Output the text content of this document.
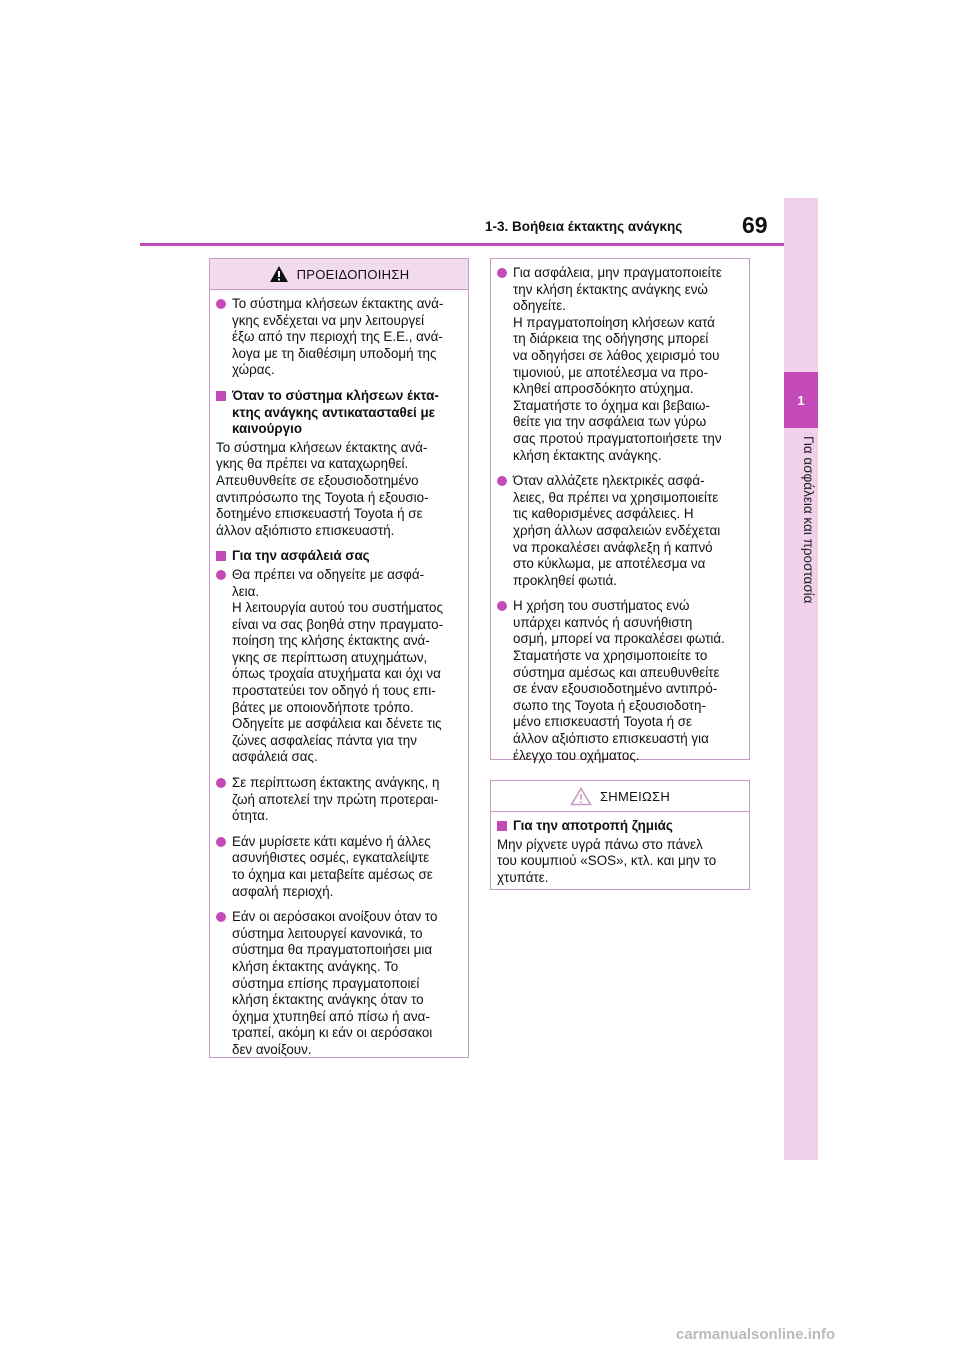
1-3. Βοήθεια έκτακτης ανάγκης	69
1
Για ασφάλεια και προστασία
ΠΡΟΕΙΔΟΠΟΙΗΣΗ
Το σύστημα κλήσεων έκτακτης ανά-
γκης ενδέχεται να μην λειτουργεί
έξω από την περιοχή της Ε.Ε., ανά-
λογα με τη διαθέσιμη υποδομή της
χώρας.
Όταν το σύστημα κλήσεων έκτα-
κτης ανάγκης αντικατασταθεί με
καινούργιο
Το σύστημα κλήσεων έκτακτης ανά-
γκης θα πρέπει να καταχωρηθεί.
Απευθυνθείτε σε εξουσιοδοτημένο
αντιπρόσωπο της Toyota ή εξουσιο-
δοτημένο επισκευαστή Toyota ή σε
άλλον αξιόπιστο επισκευαστή.
Για την ασφάλειά σας
Θα πρέπει να οδηγείτε με ασφά-
λεια.
Η λειτουργία αυτού του συστήματος
είναι να σας βοηθά στην πραγματο-
ποίηση της κλήσης έκτακτης ανά-
γκης σε περίπτωση ατυχημάτων,
όπως τροχαία ατυχήματα και όχι να
προστατεύει τον οδηγό ή τους επι-
βάτες με οποιονδήποτε τρόπο.
Οδηγείτε με ασφάλεια και δένετε τις
ζώνες ασφαλείας πάντα για την
ασφάλειά σας.
Σε περίπτωση έκτακτης ανάγκης, η
ζωή αποτελεί την πρώτη προτεραι-
ότητα.
Εάν μυρίσετε κάτι καμένο ή άλλες
ασυνήθιστες οσμές, εγκαταλείψτε
το όχημα και μεταβείτε αμέσως σε
ασφαλή περιοχή.
Εάν οι αερόσακοι ανοίξουν όταν το
σύστημα λειτουργεί κανονικά, το
σύστημα θα πραγματοποιήσει μια
κλήση έκτακτης ανάγκης. Το
σύστημα επίσης πραγματοποιεί
κλήση έκτακτης ανάγκης όταν το
όχημα χτυπηθεί από πίσω ή ανα-
τραπεί, ακόμη κι εάν οι αερόσακοι
δεν ανοίξουν.
Για ασφάλεια, μην πραγματοποιείτε
την κλήση έκτακτης ανάγκης ενώ
οδηγείτε.
Η πραγματοποίηση κλήσεων κατά
τη διάρκεια της οδήγησης μπορεί
να οδηγήσει σε λάθος χειρισμό του
τιμονιού, με αποτέλεσμα να προ-
κληθεί απροσδόκητο ατύχημα.
Σταματήστε το όχημα και βεβαιω-
θείτε για την ασφάλεια των γύρω
σας προτού πραγματοποιήσετε την
κλήση έκτακτης ανάγκης.
Όταν αλλάζετε ηλεκτρικές ασφά-
λειες, θα πρέπει να χρησιμοποιείτε
τις καθορισμένες ασφάλειες. Η
χρήση άλλων ασφαλειών ενδέχεται
να προκαλέσει ανάφλεξη ή καπνό
στο κύκλωμα, με αποτέλεσμα να
προκληθεί φωτιά.
Η χρήση του συστήματος ενώ
υπάρχει καπνός ή ασυνήθιστη
οσμή, μπορεί να προκαλέσει φωτιά.
Σταματήστε να χρησιμοποιείτε το
σύστημα αμέσως και απευθυνθείτε
σε έναν εξουσιοδοτημένο αντιπρό-
σωπο της Toyota ή εξουσιοδοτη-
μένο επισκευαστή Toyota ή σε
άλλον αξιόπιστο επισκευαστή για
έλεγχο του οχήματος.
ΣΗΜΕΙΩΣΗ
Για την αποτροπή ζημιάς
Μην ρίχνετε υγρά πάνω στο πάνελ
του κουμπιού «SOS», κτλ. και μην το
χτυπάτε.
carmanualsonline.info
